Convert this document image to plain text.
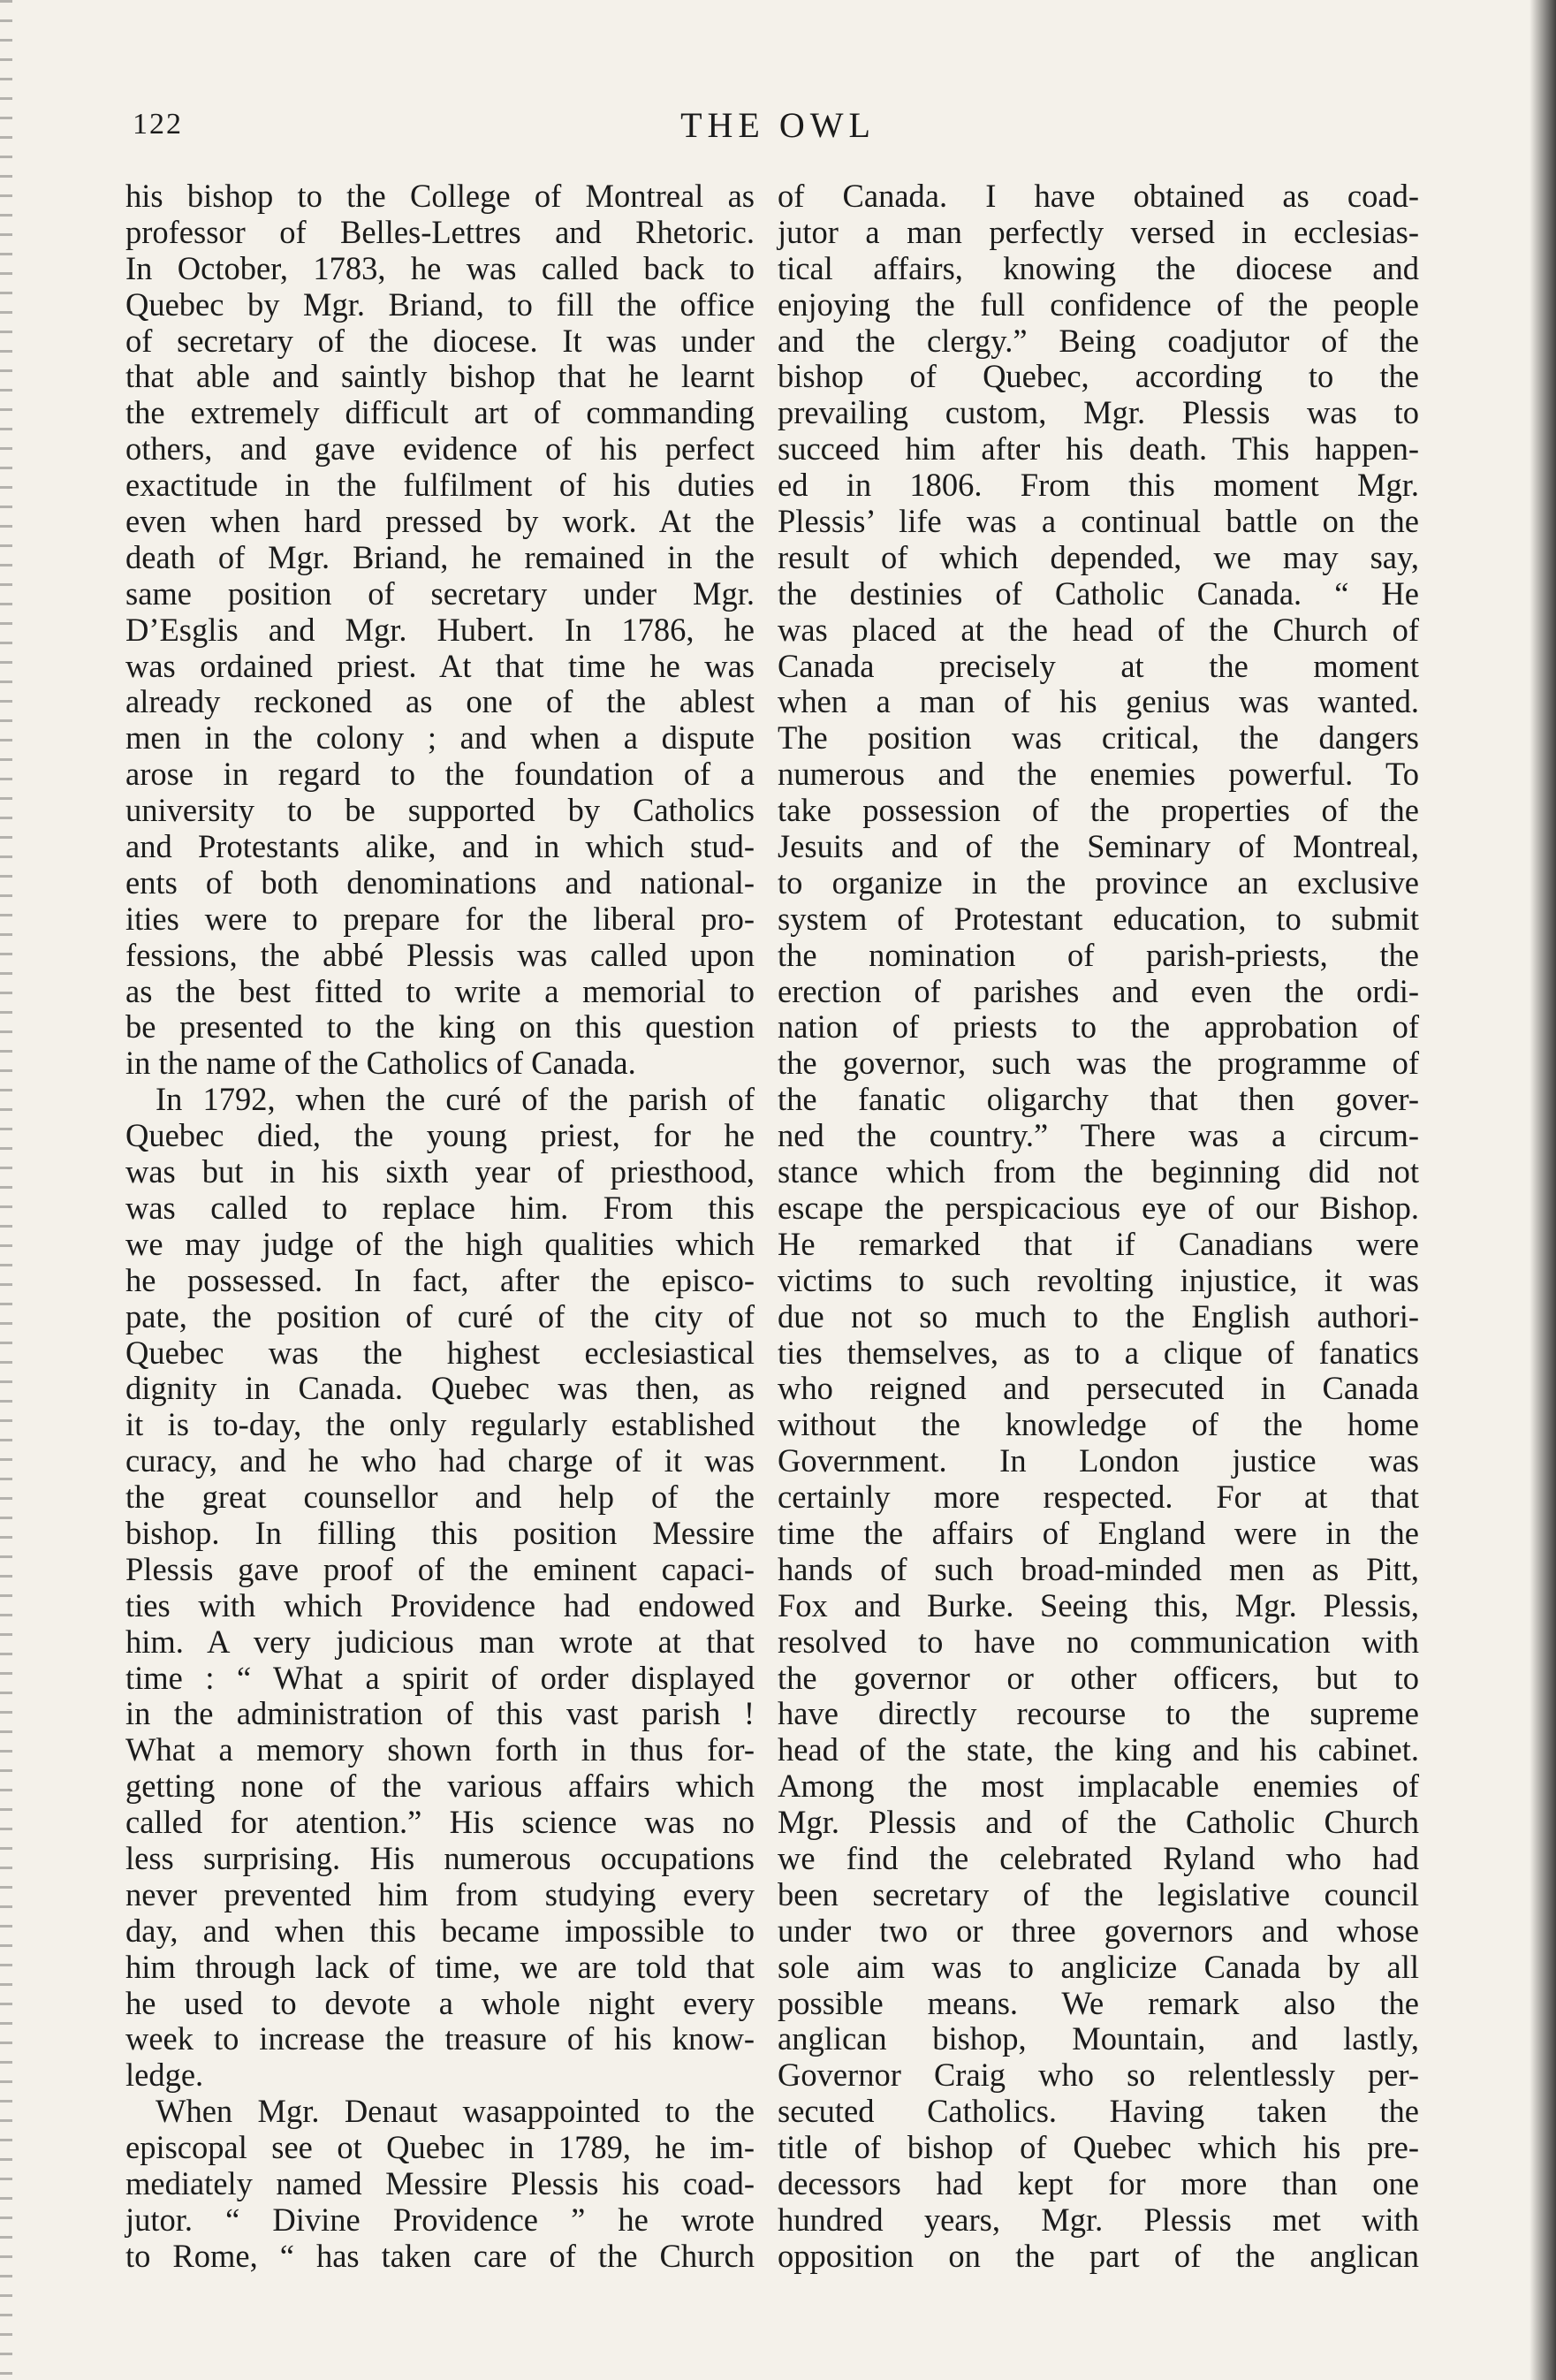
122	THE OWL
his bishop to the College of Montreal as
professor of Belles-Lettres and Rhetoric.
In October, 1783, he was called back to
Quebec by Mgr. Briand, to fill the office
of secretary of the diocese. It was under
that able and saintly bishop that he learnt
the extremely difficult art of commanding
others, and gave evidence of his perfect
exactitude in the fulfilment of his duties
even when hard pressed by work. At the
death of Mgr. Briand, he remained in the
same position of secretary under Mgr.
D’Esglis and Mgr. Hubert. In 1786, he
was ordained priest. At that time he was
already reckoned as one of the ablest
men in the colony ; and when a dispute
arose in regard to the foundation of a
university to be supported by Catholics
and Protestants alike, and in which stud-
ents of both denominations and national-
ities were to prepare for the liberal pro-
fessions, the abbé Plessis was called upon
as the best fitted to write a memorial to
be presented to the king on this question
in the name of the Catholics of Canada.
In 1792, when the curé of the parish of
Quebec died, the young priest, for he
was but in his sixth year of priesthood,
was called to replace him. From this
we may judge of the high qualities which
he possessed. In fact, after the episco-
pate, the position of curé of the city of
Quebec was the highest ecclesiastical
dignity in Canada. Quebec was then, as
it is to-day, the only regularly established
curacy, and he who had charge of it was
the great counsellor and help of the
bishop. In filling this position Messire
Plessis gave proof of the eminent capaci-
ties with which Providence had endowed
him. A very judicious man wrote at that
time : “ What a spirit of order displayed
in the administration of this vast parish !
What a memory shown forth in thus for-
getting none of the various affairs which
called for atention.” His science was no
less surprising. His numerous occupations
never prevented him from studying every
day, and when this became impossible to
him through lack of time, we are told that
he used to devote a whole night every
week to increase the treasure of his know-
ledge.
When Mgr. Denaut wasappointed to the
episcopal see ot Quebec in 1789, he im-
mediately named Messire Plessis his coad-
jutor. “ Divine Providence ” he wrote
to Rome, “ has taken care of the Church
of Canada. I have obtained as coad-
jutor a man perfectly versed in ecclesias-
tical affairs, knowing the diocese and
enjoying the full confidence of the people
and the clergy.” Being coadjutor of the
bishop of Quebec, according to the
prevailing custom, Mgr. Plessis was to
succeed him after his death. This happen-
ed in 1806. From this moment Mgr.
Plessis’ life was a continual battle on the
result of which depended, we may say,
the destinies of Catholic Canada. “ He
was placed at the head of the Church of
Canada precisely at the moment
when a man of his genius was wanted.
The position was critical, the dangers
numerous and the enemies powerful. To
take possession of the properties of the
Jesuits and of the Seminary of Montreal,
to organize in the province an exclusive
system of Protestant education, to submit
the nomination of parish-priests, the
erection of parishes and even the ordi-
nation of priests to the approbation of
the governor, such was the programme of
the fanatic oligarchy that then gover-
ned the country.” There was a circum-
stance which from the beginning did not
escape the perspicacious eye of our Bishop.
He remarked that if Canadians were
victims to such revolting injustice, it was
due not so much to the English authori-
ties themselves, as to a clique of fanatics
who reigned and persecuted in Canada
without the knowledge of the home
Government. In London justice was
certainly more respected. For at that
time the affairs of England were in the
hands of such broad-minded men as Pitt,
Fox and Burke. Seeing this, Mgr. Plessis,
resolved to have no communication with
the governor or other officers, but to
have directly recourse to the supreme
head of the state, the king and his cabinet.
Among the most implacable enemies of
Mgr. Plessis and of the Catholic Church
we find the celebrated Ryland who had
been secretary of the legislative council
under two or three governors and whose
sole aim was to anglicize Canada by all
possible means. We remark also the
anglican bishop, Mountain, and lastly,
Governor Craig who so relentlessly per-
secuted Catholics. Having taken the
title of bishop of Quebec which his pre-
decessors had kept for more than one
hundred years, Mgr. Plessis met with
opposition on the part of the anglican
